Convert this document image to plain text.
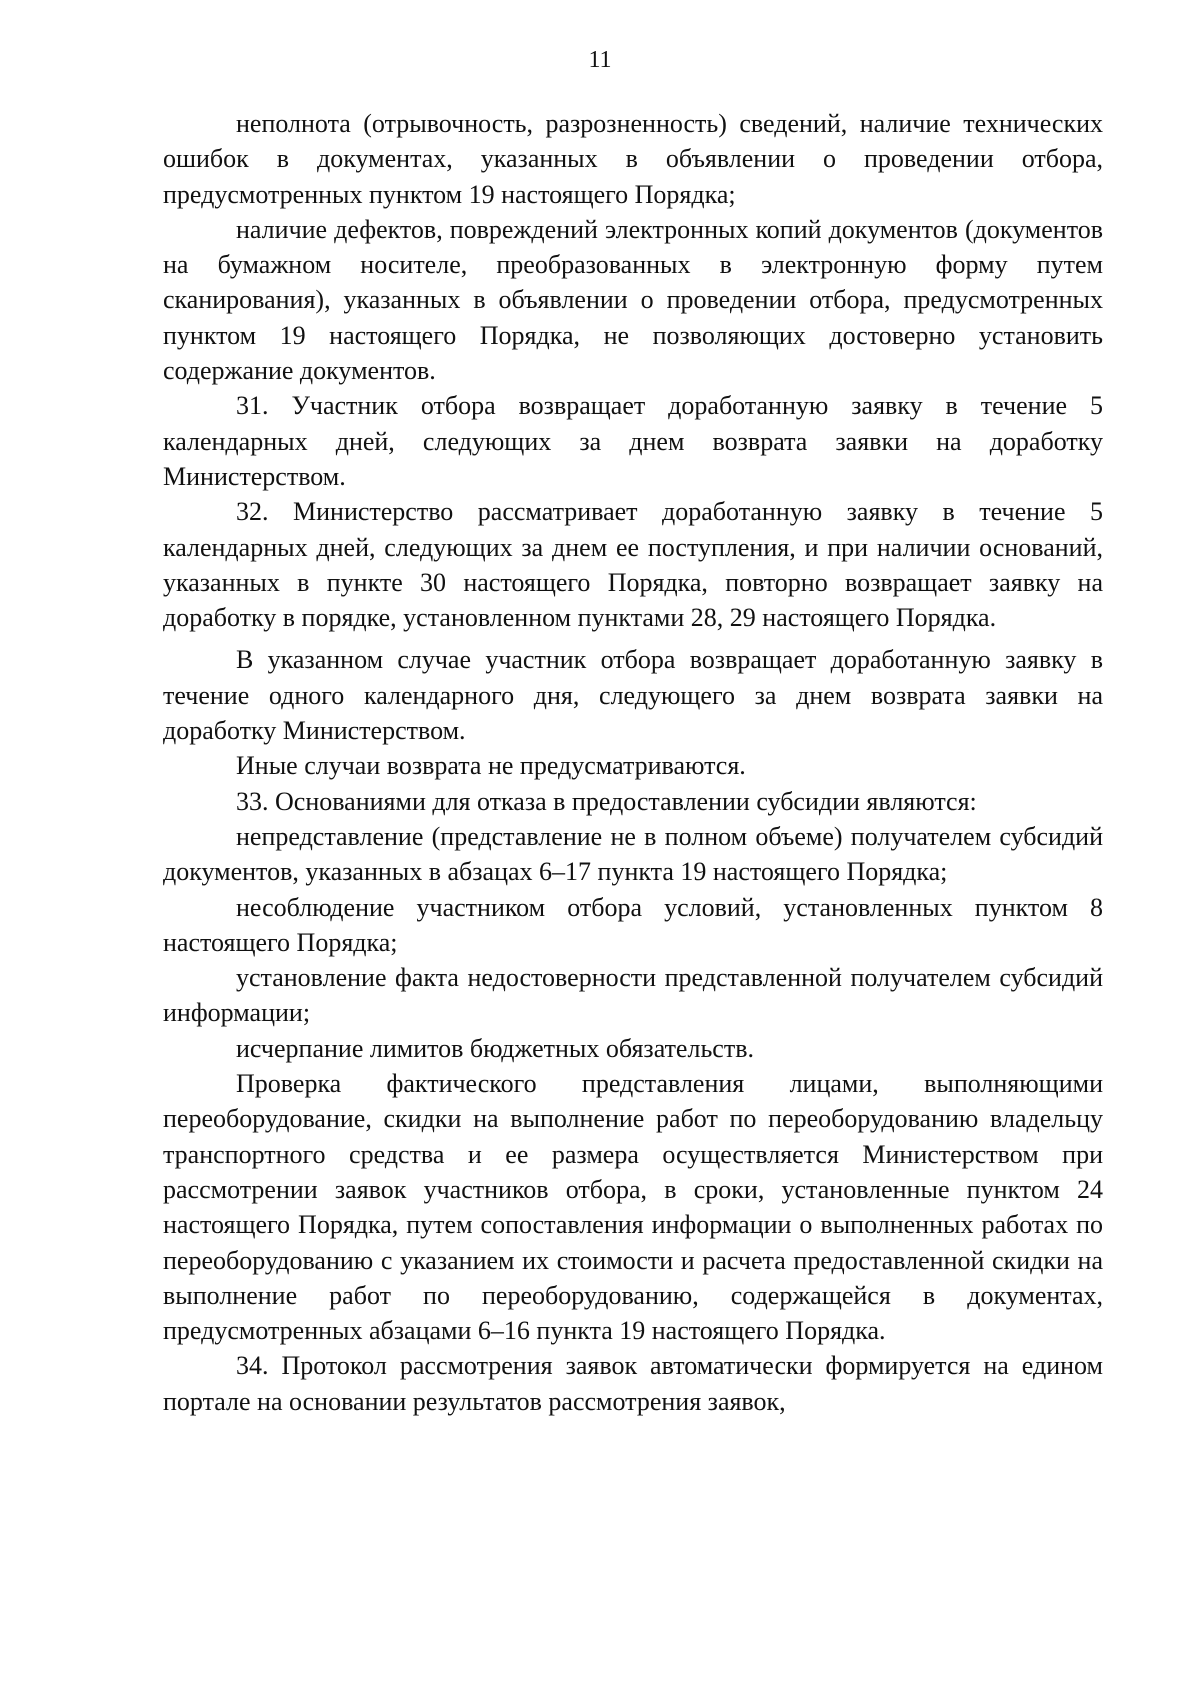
11

неполнота (отрывочность, разрозненность) сведений, наличие технических ошибок в документах, указанных в объявлении о проведении отбора, предусмотренных пунктом 19 настоящего Порядка;

наличие дефектов, повреждений электронных копий документов (документов на бумажном носителе, преобразованных в электронную форму путем сканирования), указанных в объявлении о проведении отбора, предусмотренных пунктом 19 настоящего Порядка, не позволяющих достоверно установить содержание документов.

31. Участник отбора возвращает доработанную заявку в течение 5 календарных дней, следующих за днем возврата заявки на доработку Министерством.

32. Министерство рассматривает доработанную заявку в течение 5 календарных дней, следующих за днем ее поступления, и при наличии оснований, указанных в пункте 30 настоящего Порядка, повторно возвращает заявку на доработку в порядке, установленном пунктами 28, 29 настоящего Порядка.

В указанном случае участник отбора возвращает доработанную заявку в течение одного календарного дня, следующего за днем возврата заявки на доработку Министерством.

Иные случаи возврата не предусматриваются.

33. Основаниями для отказа в предоставлении субсидии являются:

непредставление (представление не в полном объеме) получателем субсидий документов, указанных в абзацах 6–17 пункта 19 настоящего Порядка;

несоблюдение участником отбора условий, установленных пунктом 8 настоящего Порядка;

установление факта недостоверности представленной получателем субсидий информации;

исчерпание лимитов бюджетных обязательств.

Проверка фактического представления лицами, выполняющими переоборудование, скидки на выполнение работ по переоборудованию владельцу транспортного средства и ее размера осуществляется Министерством при рассмотрении заявок участников отбора, в сроки, установленные пунктом 24 настоящего Порядка, путем сопоставления информации о выполненных работах по переоборудованию с указанием их стоимости и расчета предоставленной скидки на выполнение работ по переоборудованию, содержащейся в документах, предусмотренных абзацами 6–16 пункта 19 настоящего Порядка.

34. Протокол рассмотрения заявок автоматически формируется на едином портале на основании результатов рассмотрения заявок,
